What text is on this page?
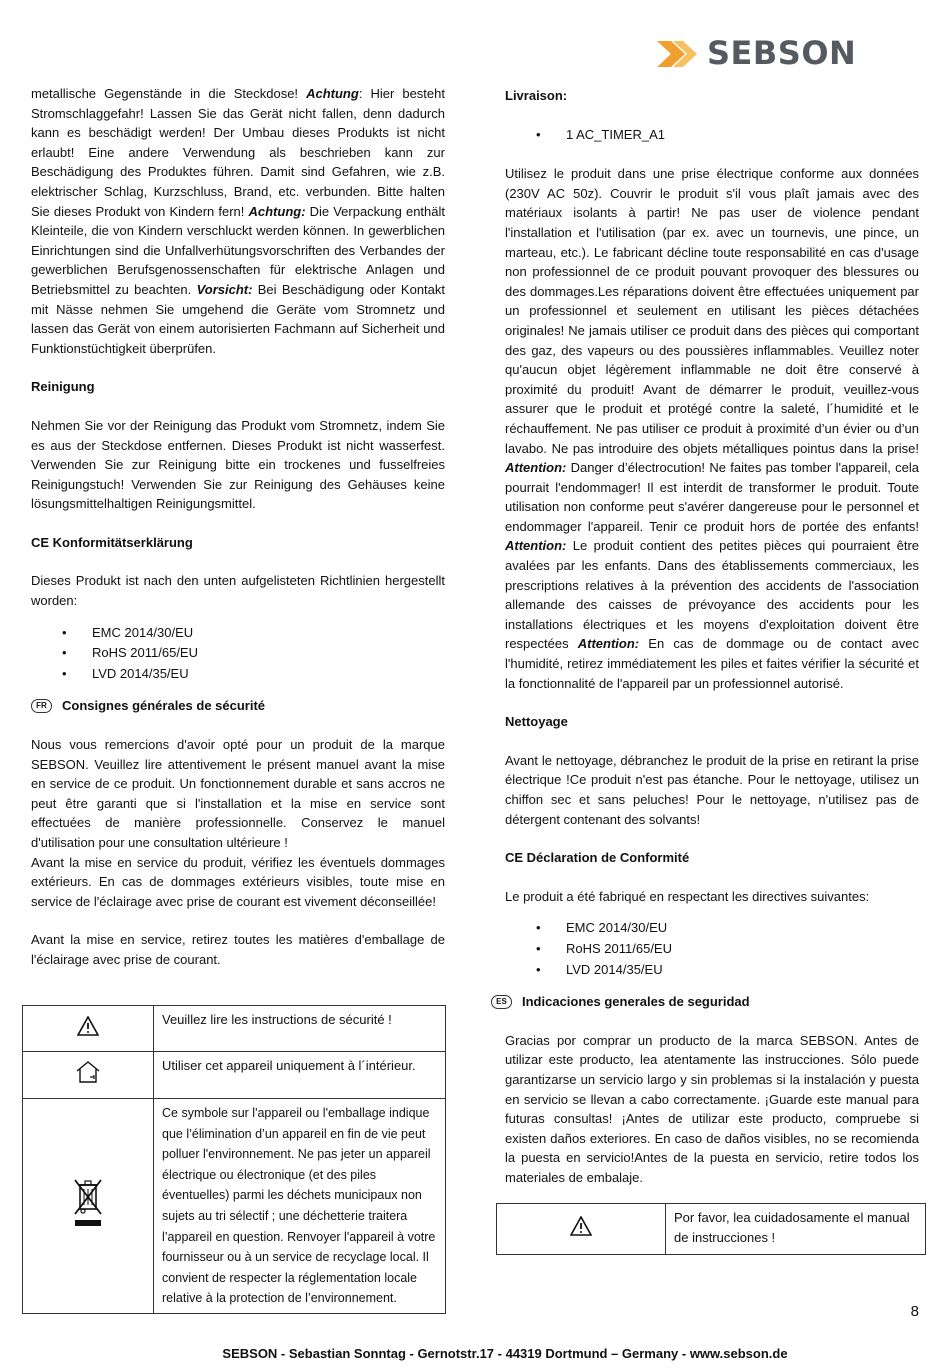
SEBSON

metallische Gegenstände in die Steckdose! Achtung: Hier besteht Stromschlaggefahr! Lassen Sie das Gerät nicht fallen, denn dadurch kann es beschädigt werden! Der Umbau dieses Produkts ist nicht erlaubt! Eine andere Verwendung als beschrieben kann zur Beschädigung des Produktes führen. Damit sind Gefahren, wie z.B. elektrischer Schlag, Kurzschluss, Brand, etc. verbunden. Bitte halten Sie dieses Produkt von Kindern fern! Achtung: Die Verpackung enthält Kleinteile, die von Kindern verschluckt werden können. In gewerblichen Einrichtungen sind die Unfallverhütungsvorschriften des Verbandes der gewerblichen Berufsgenossenschaften für elektrische Anlagen und Betriebsmittel zu beachten. Vorsicht: Bei Beschädigung oder Kontakt mit Nässe nehmen Sie umgehend die Geräte vom Stromnetz und lassen das Gerät von einem autorisierten Fachmann auf Sicherheit und Funktionstüchtigkeit überprüfen.

Reinigung

Nehmen Sie vor der Reinigung das Produkt vom Stromnetz, indem Sie es aus der Steckdose entfernen. Dieses Produkt ist nicht wasserfest. Verwenden Sie zur Reinigung bitte ein trockenes und fusselfreies Reinigungstuch! Verwenden Sie zur Reinigung des Gehäuses keine lösungsmittelhaltigen Reinigungsmittel.

CE Konformitätserklärung

Dieses Produkt ist nach den unten aufgelisteten Richtlinien hergestellt worden:

• EMC 2014/30/EU
• RoHS 2011/65/EU
• LVD 2014/35/EU
FR	Consignes générales de sécurité

Nous vous remercions d'avoir opté pour un produit de la marque SEBSON. Veuillez lire attentivement le présent manuel avant la mise en service de ce produit. Un fonctionnement durable et sans accros ne peut être garanti que si l'installation et la mise en service sont effectuées de manière professionnelle. Conservez le manuel d'utilisation pour une consultation ultérieure !

Avant la mise en service du produit, vérifiez les éventuels dommages extérieurs. En cas de dommages extérieurs visibles, toute mise en service de l'éclairage avec prise de courant est vivement déconseillée!

Avant la mise en service, retirez toutes les matières d'emballage de l'éclairage avec prise de courant.

	Veuillez lire les instructions de sécurité !
	Utiliser cet appareil uniquement à l´intérieur.
	Ce symbole sur l'appareil ou l'emballage indique que l’élimination d’un appareil en fin de vie peut polluer l'environnement. Ne pas jeter un appareil électrique ou électronique (et des piles éventuelles) parmi les déchets municipaux non sujets au tri sélectif ; une déchetterie traitera l’appareil en question. Renvoyer l'appareil à votre fournisseur ou à un service de recyclage local. Il convient de respecter la réglementation locale relative à la protection de l’environnement.
Livraison:
• 1 AC_TIMER_A1

Utilisez le produit dans une prise électrique conforme aux données (230V AC 50z). Couvrir le produit s'il vous plaît jamais avec des matériaux isolants à partir! Ne pas user de violence pendant l'installation et l'utilisation (par ex. avec un tournevis, une pince, un marteau, etc.). Le fabricant décline toute responsabilité en cas d'usage non professionnel de ce produit pouvant provoquer des blessures ou des dommages.Les réparations doivent être effectuées uniquement par un professionnel et seulement en utilisant les pièces détachées originales! Ne jamais utiliser ce produit dans des pièces qui comportant des gaz, des vapeurs ou des poussières inflammables. Veuillez noter qu'aucun objet légèrement inflammable ne doit être conservé à proximité du produit! Avant de démarrer le produit, veuillez-vous assurer que le produit et protégé contre la saleté, l´humidité et le réchauffement. Ne pas utiliser ce produit à proximité d’un évier ou d’un lavabo. Ne pas introduire des objets métalliques pointus dans la prise! Attention: Danger d’électrocution! Ne faites pas tomber l'appareil, cela pourrait l'endommager! Il est interdit de transformer le produit. Toute utilisation non conforme peut s'avérer dangereuse pour le personnel et endommager l'appareil. Tenir ce produit hors de portée des enfants! Attention: Le produit contient des petites pièces qui pourraient être avalées par les enfants. Dans des établissements commerciaux, les prescriptions relatives à la prévention des accidents de l'association allemande des caisses de prévoyance des accidents pour les installations électriques et les moyens d'exploitation doivent être respectées Attention: En cas de dommage ou de contact avec l'humidité, retirez immédiatement les piles et faites vérifier la sécurité et la fonctionnalité de l'appareil par un professionnel autorisé.

Nettoyage

Avant le nettoyage, débranchez le produit de la prise en retirant la prise électrique !Ce produit n'est pas étanche. Pour le nettoyage, utilisez un chiffon sec et sans peluches! Pour le nettoyage, n'utilisez pas de détergent contenant des solvants!

CE Déclaration de Conformité

Le produit a été fabriqué en respectant les directives suivantes:

• EMC 2014/30/EU
• RoHS 2011/65/EU
• LVD 2014/35/EU
ES	Indicaciones generales de seguridad

Gracias por comprar un producto de la marca SEBSON. Antes de utilizar este producto, lea atentamente las instrucciones. Sólo puede garantizarse un servicio largo y sin problemas si la instalación y puesta en servicio se llevan a cabo correctamente. ¡Guarde este manual para futuras consultas! ¡Antes de utilizar este producto, compruebe si existen daños exteriores. En caso de daños visibles, no se recomienda la puesta en servicio!Antes de la puesta en servicio, retire todos los materiales de embalaje.

	Por favor, lea cuidadosamente el manual de instrucciones !
8
SEBSON - Sebastian Sonntag - Gernotstr.17 - 44319 Dortmund – Germany - www.sebson.de
